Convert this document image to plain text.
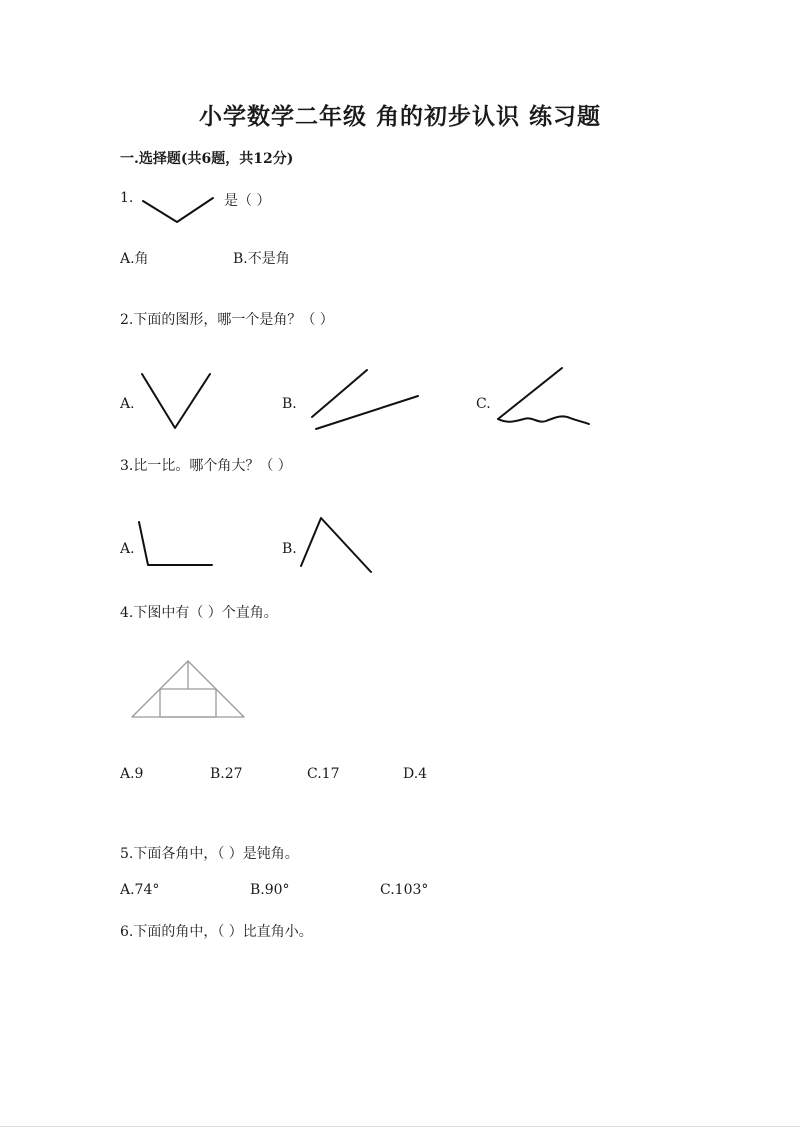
小学数学二年级 角的初步认识 练习题
一.选择题(共6题，共12分)
1.	是（ ）
A.角	B.不是角
2.下面的图形，哪一个是角？（ ）
A.	B.	C.
3.比一比。哪个角大？（ ）
A.	B.
4.下图中有（ ）个直角。
A.9	B.27	C.17	D.4
5.下面各角中，（ ）是钝角。
A.74°	B.90°	C.103°
6.下面的角中，（ ）比直角小。
